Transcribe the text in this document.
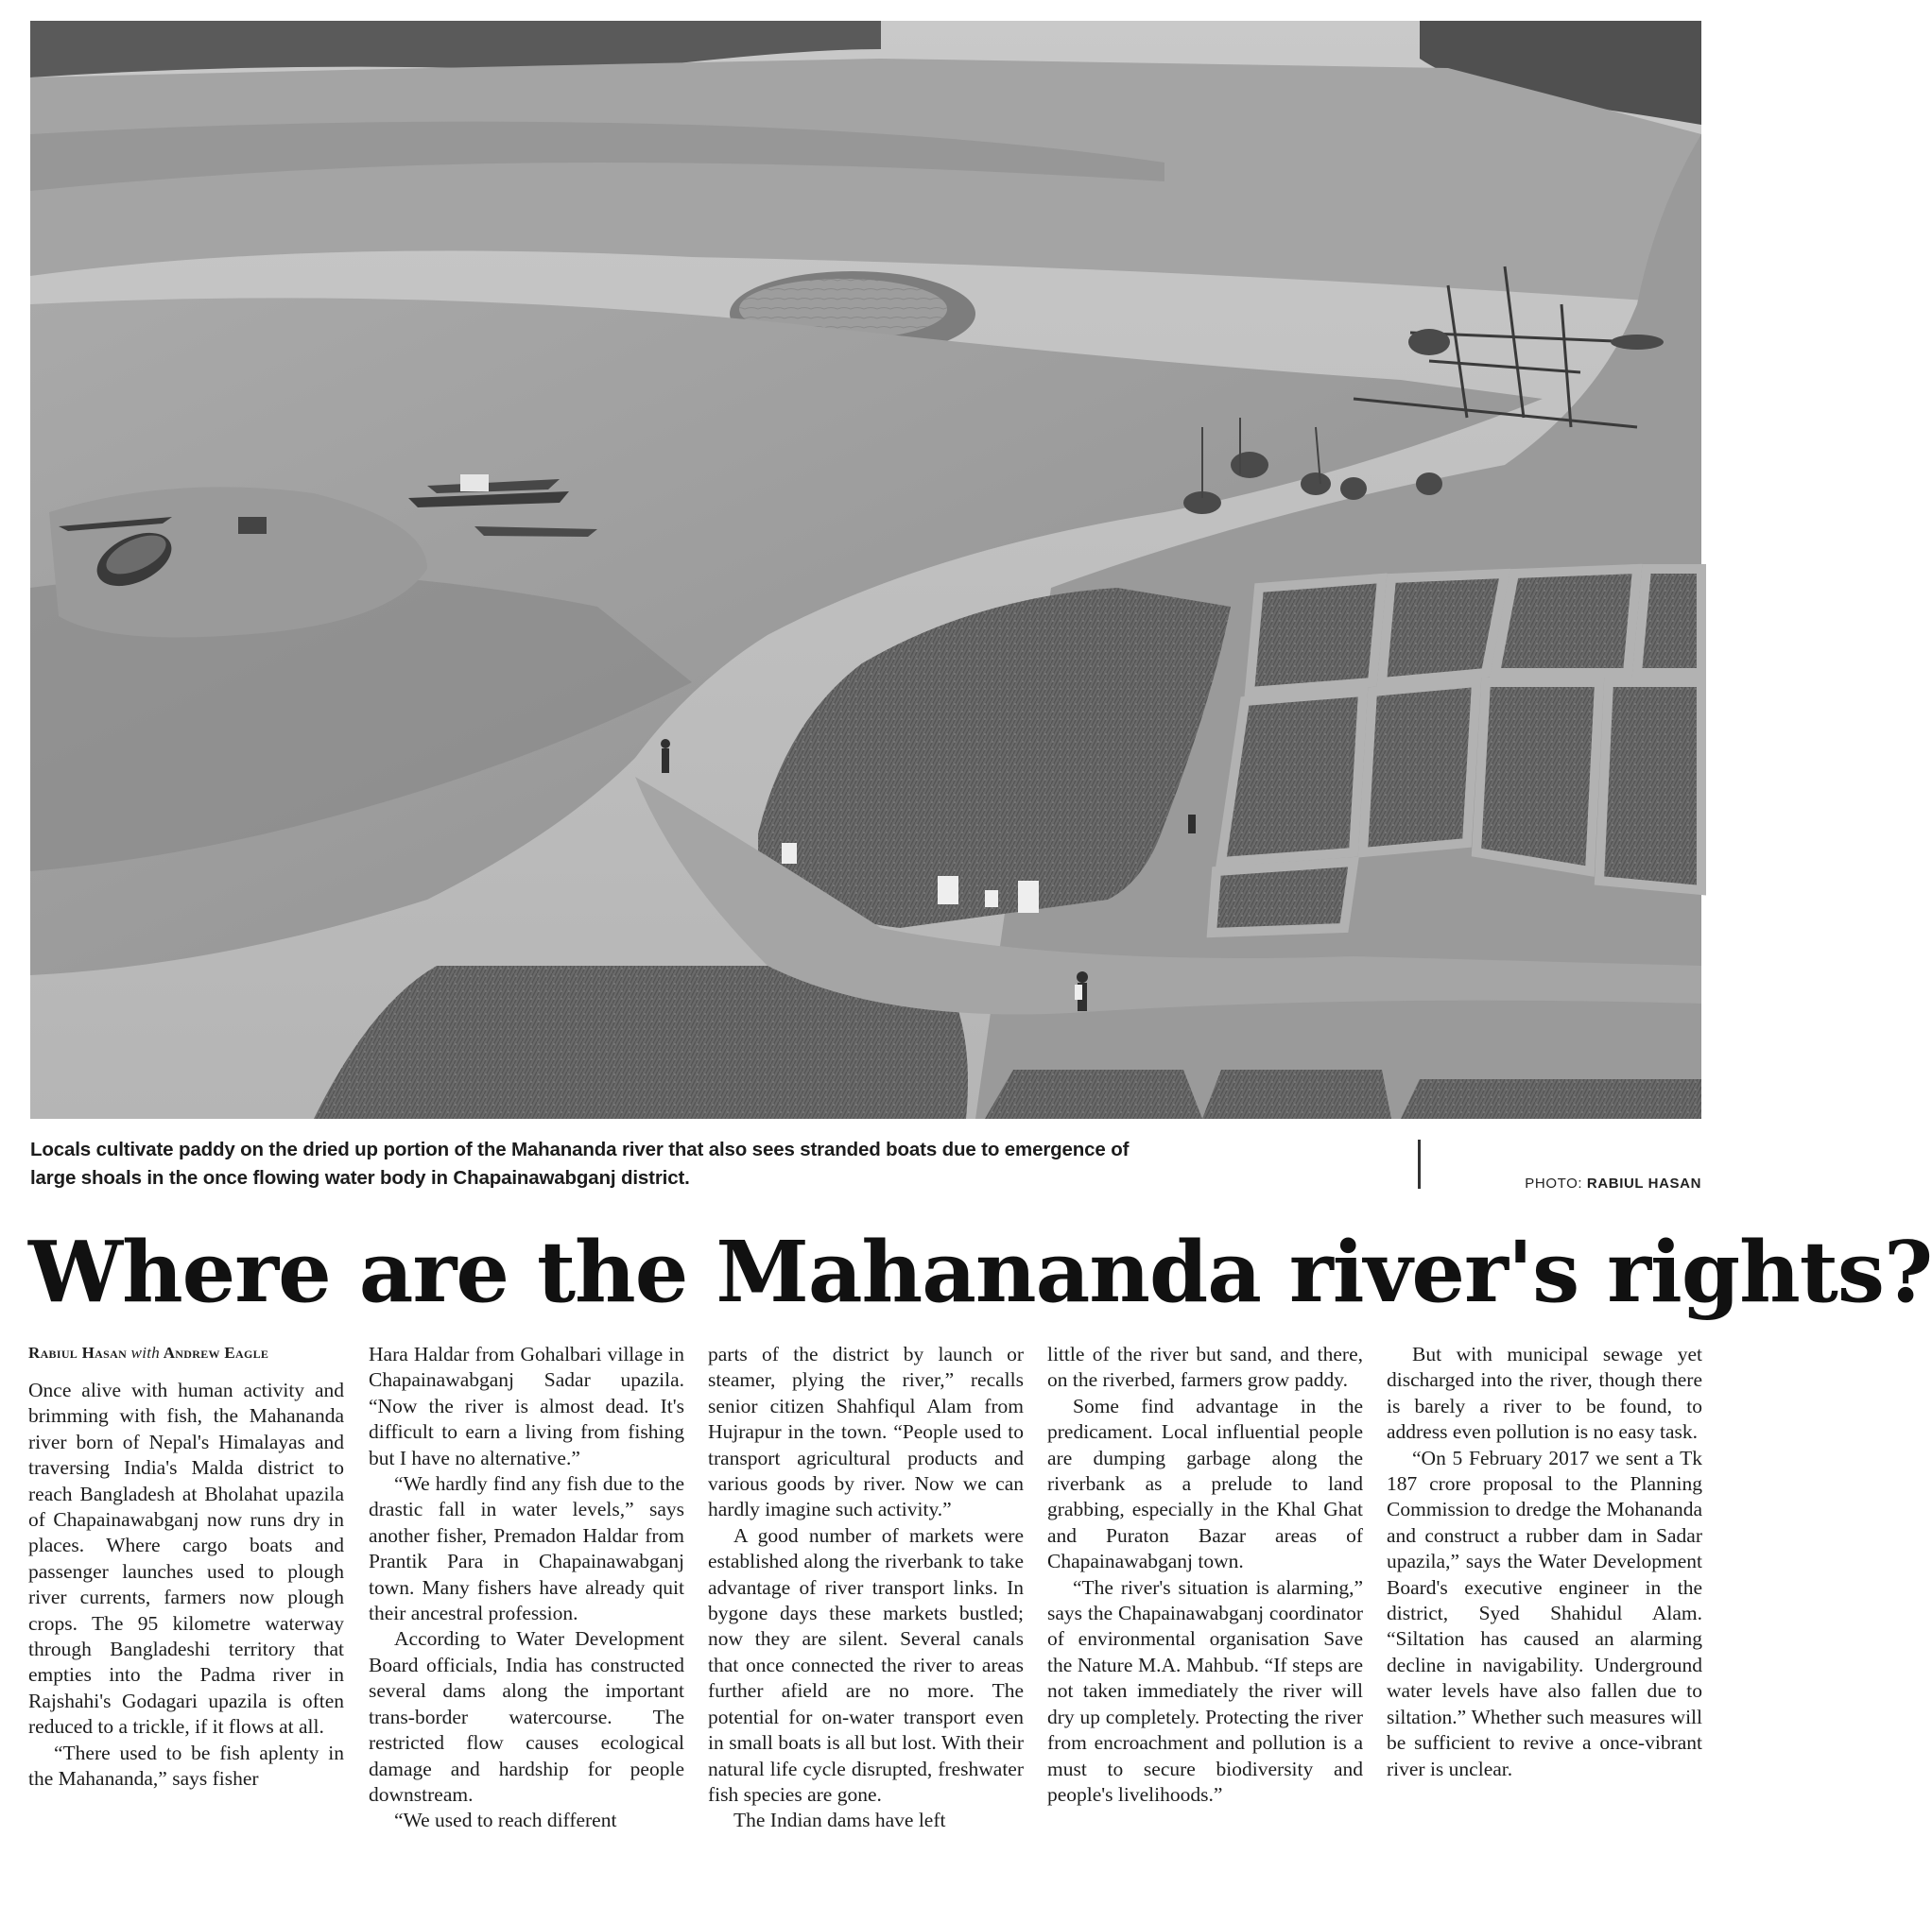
Locals cultivate paddy on the dried up portion of the Mahananda river that also sees stranded boats due to emergence of large shoals in the once flowing water body in Chapainawabganj district.	PHOTO: RABIUL HASAN
Where are the Mahananda river's rights?
Rabiul Hasan with Andrew Eagle

Once alive with human activity and brimming with fish, the Mahananda river born of Nepal's Himalayas and traversing India's Malda district to reach Bangladesh at Bholahat upazila of Chapainawabganj now runs dry in places. Where cargo boats and passenger launches used to plough river currents, farmers now plough crops. The 95 kilometre waterway through Bangladeshi territory that empties into the Padma river in Rajshahi's Godagari upazila is often reduced to a trickle, if it flows at all.

“There used to be fish aplenty in the Mahananda,” says fisher

Hara Haldar from Gohalbari village in Chapainawabganj Sadar upazila. “Now the river is almost dead. It's difficult to earn a living from fishing but I have no alternative.”

“We hardly find any fish due to the drastic fall in water levels,” says another fisher, Premadon Haldar from Prantik Para in Chapainawabganj town. Many fishers have already quit their ancestral profession.

According to Water Development Board officials, India has constructed several dams along the important trans-border watercourse. The restricted flow causes ecological damage and hardship for people downstream.

“We used to reach different

parts of the district by launch or steamer, plying the river,” recalls senior citizen Shahfiqul Alam from Hujrapur in the town. “People used to transport agricultural products and various goods by river. Now we can hardly imagine such activity.”

A good number of markets were established along the riverbank to take advantage of river transport links. In bygone days these markets bustled; now they are silent. Several canals that once connected the river to areas further afield are no more. The potential for on-water transport even in small boats is all but lost. With their natural life cycle disrupted, freshwater fish species are gone.

The Indian dams have left

little of the river but sand, and there, on the riverbed, farmers grow paddy.

Some find advantage in the predicament. Local influential people are dumping garbage along the riverbank as a prelude to land grabbing, especially in the Khal Ghat and Puraton Bazar areas of Chapainawabganj town.

“The river's situation is alarming,” says the Chapainawabganj coordinator of environmental organisation Save the Nature M.A. Mahbub. “If steps are not taken immediately the river will dry up completely. Protecting the river from encroachment and pollution is a must to secure biodiversity and people's livelihoods.”

But with municipal sewage yet discharged into the river, though there is barely a river to be found, to address even pollution is no easy task.

“On 5 February 2017 we sent a Tk 187 crore proposal to the Planning Commission to dredge the Mohananda and construct a rubber dam in Sadar upazila,” says the Water Development Board's executive engineer in the district, Syed Shahidul Alam. “Siltation has caused an alarming decline in navigability. Underground water levels have also fallen due to siltation.” Whether such measures will be sufficient to revive a once-vibrant river is unclear.
